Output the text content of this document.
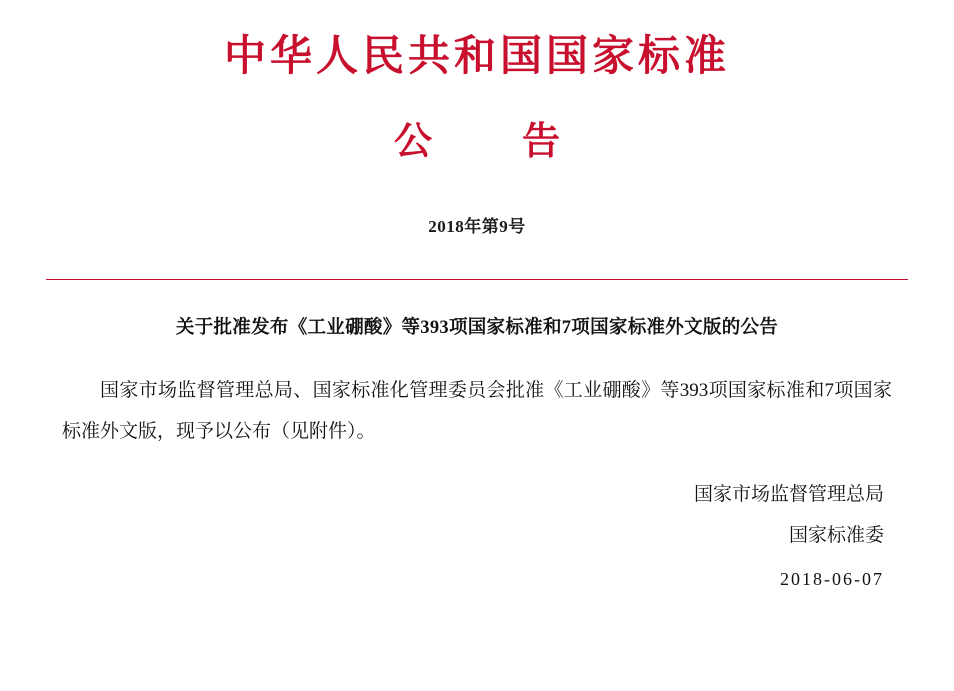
中华人民共和国国家标准
公　告
2018年第9号
关于批准发布《工业硼酸》等393项国家标准和7项国家标准外文版的公告
国家市场监督管理总局、国家标准化管理委员会批准《工业硼酸》等393项国家标准和7项国家标准外文版，现予以公布（见附件）。
国家市场监督管理总局
国家标准委
2018-06-07
